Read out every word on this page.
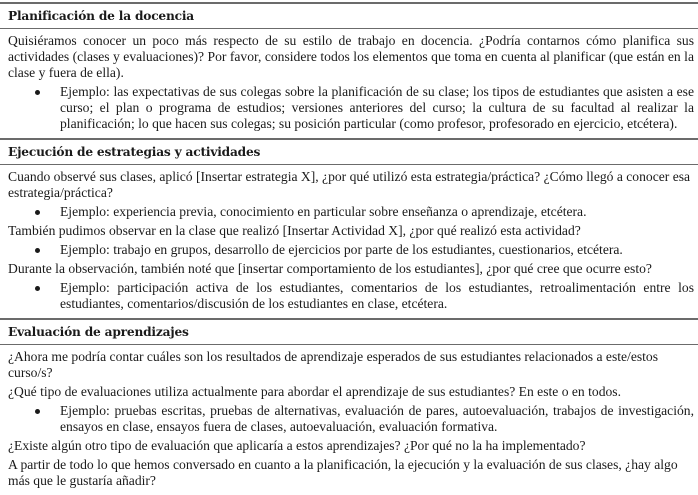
Planificación de la docencia

Quisiéramos conocer un poco más respecto de su estilo de trabajo en docencia. ¿Podría contarnos cómo planifica sus actividades (clases y evaluaciones)? Por favor, considere todos los elementos que toma en cuenta al planificar (que están en la clase y fuera de ella).

Ejemplo: las expectativas de sus colegas sobre la planificación de su clase; los tipos de estudiantes que asisten a ese curso; el plan o programa de estudios; versiones anteriores del curso; la cultura de su facultad al realizar la planificación; lo que hacen sus colegas; su posición particular (como profesor, profesorado en ejercicio, etcétera).
Ejecución de estrategias y actividades

Cuando observé sus clases, aplicó [Insertar estrategia X], ¿por qué utilizó esta estrategia/práctica? ¿Cómo llegó a conocer esa estrategia/práctica?

Ejemplo: experiencia previa, conocimiento en particular sobre enseñanza o aprendizaje, etcétera.

También pudimos observar en la clase que realizó [Insertar Actividad X], ¿por qué realizó esta actividad?

Ejemplo: trabajo en grupos, desarrollo de ejercicios por parte de los estudiantes, cuestionarios, etcétera.

Durante la observación, también noté que [insertar comportamiento de los estudiantes], ¿por qué cree que ocurre esto?

Ejemplo: participación activa de los estudiantes, comentarios de los estudiantes, retroalimentación entre los estudiantes, comentarios/discusión de los estudiantes en clase, etcétera.
Evaluación de aprendizajes

¿Ahora me podría contar cuáles son los resultados de aprendizaje esperados de sus estudiantes relacionados a este/estos curso/s?

¿Qué tipo de evaluaciones utiliza actualmente para abordar el aprendizaje de sus estudiantes? En este o en todos.

Ejemplo: pruebas escritas, pruebas de alternativas, evaluación de pares, autoevaluación, trabajos de investigación, ensayos en clase, ensayos fuera de clases, autoevaluación, evaluación formativa.

¿Existe algún otro tipo de evaluación que aplicaría a estos aprendizajes? ¿Por qué no la ha implementado?

A partir de todo lo que hemos conversado en cuanto a la planificación, la ejecución y la evaluación de sus clases, ¿hay algo más que le gustaría añadir?
